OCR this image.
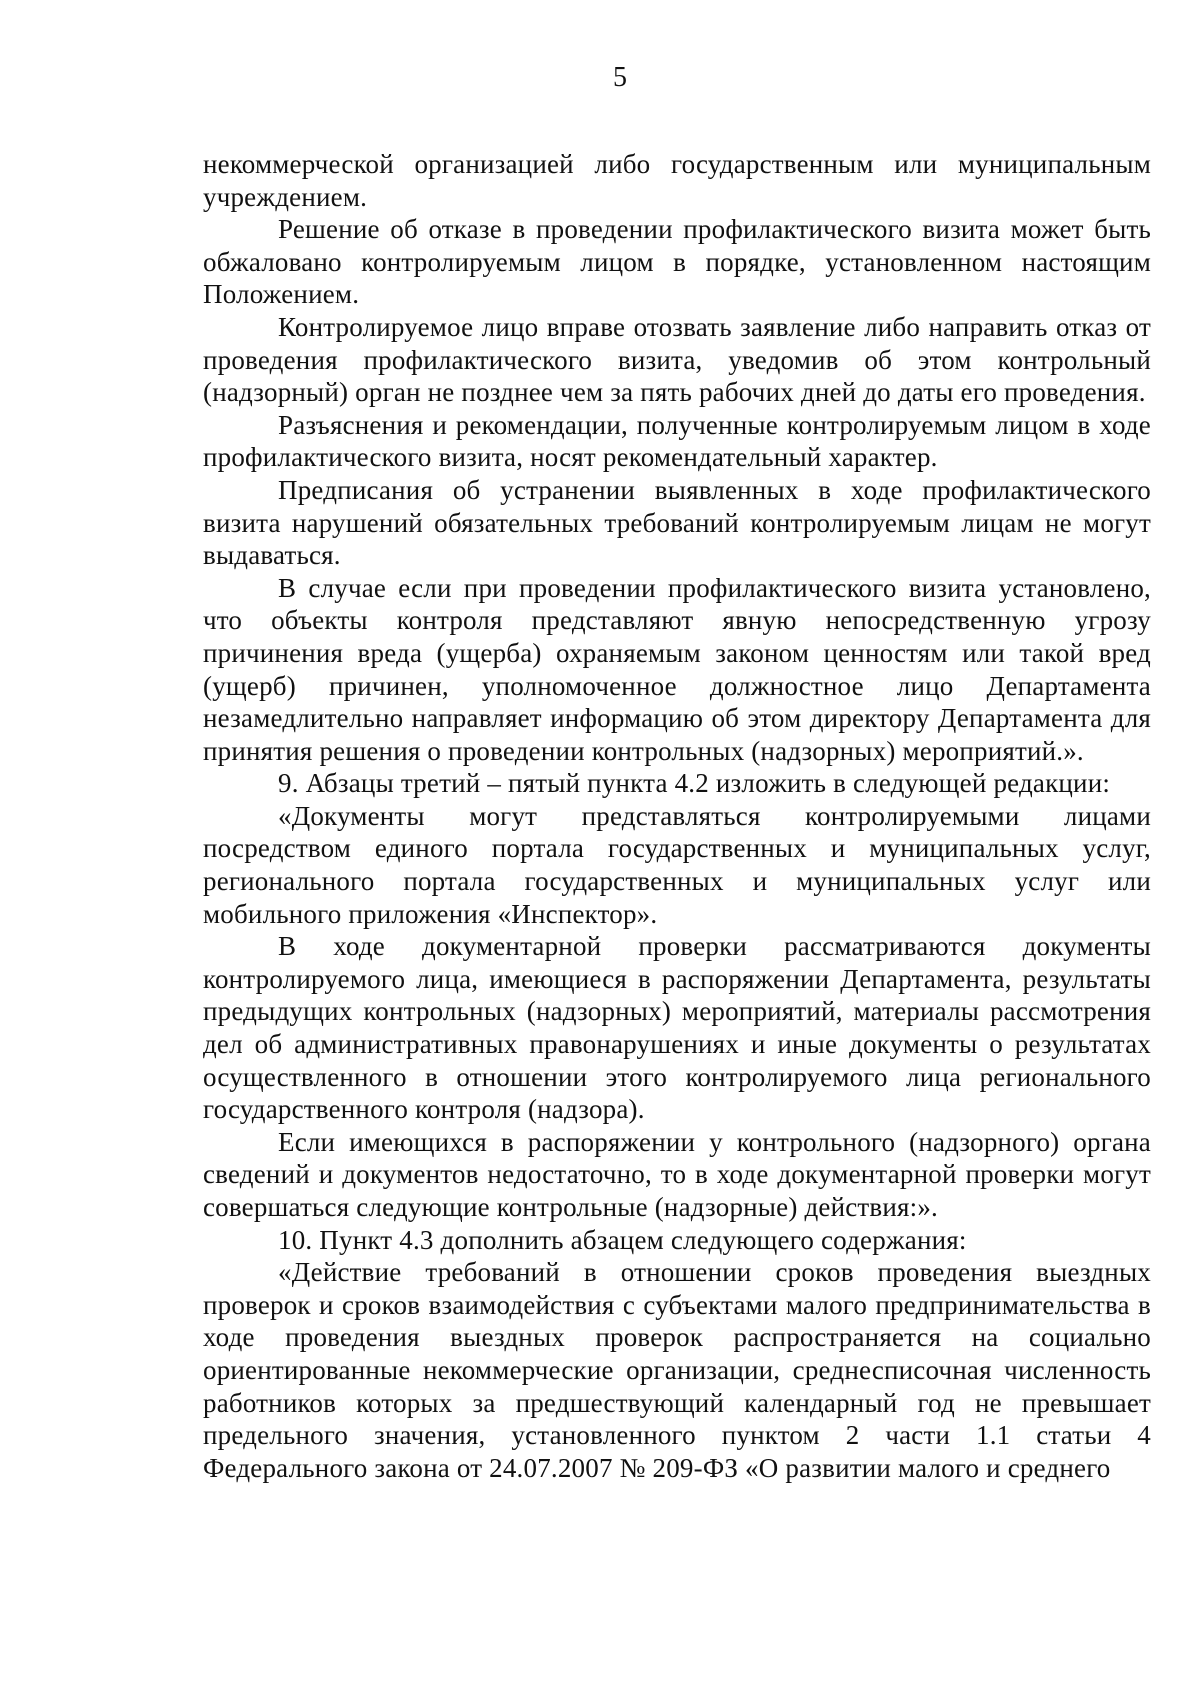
5

некоммерческой организацией либо государственным или муниципальным учреждением.

Решение об отказе в проведении профилактического визита может быть обжаловано контролируемым лицом в порядке, установленном настоящим Положением.

Контролируемое лицо вправе отозвать заявление либо направить отказ от проведения профилактического визита, уведомив об этом контрольный (надзорный) орган не позднее чем за пять рабочих дней до даты его проведения.

Разъяснения и рекомендации, полученные контролируемым лицом в ходе профилактического визита, носят рекомендательный характер.

Предписания об устранении выявленных в ходе профилактического визита нарушений обязательных требований контролируемым лицам не могут выдаваться.

В случае если при проведении профилактического визита установлено, что объекты контроля представляют явную непосредственную угрозу причинения вреда (ущерба) охраняемым законом ценностям или такой вред (ущерб) причинен, уполномоченное должностное лицо Департамента незамедлительно направляет информацию об этом директору Департамента для принятия решения о проведении контрольных (надзорных) мероприятий.».

9. Абзацы третий – пятый пункта 4.2 изложить в следующей редакции:

«Документы могут представляться контролируемыми лицами посредством единого портала государственных и муниципальных услуг, регионального портала государственных и муниципальных услуг или мобильного приложения «Инспектор».

В ходе документарной проверки рассматриваются документы контролируемого лица, имеющиеся в распоряжении Департамента, результаты предыдущих контрольных (надзорных) мероприятий, материалы рассмотрения дел об административных правонарушениях и иные документы о результатах осуществленного в отношении этого контролируемого лица регионального государственного контроля (надзора).

Если имеющихся в распоряжении у контрольного (надзорного) органа сведений и документов недостаточно, то в ходе документарной проверки могут совершаться следующие контрольные (надзорные) действия:».

10. Пункт 4.3 дополнить абзацем следующего содержания:

«Действие требований в отношении сроков проведения выездных проверок и сроков взаимодействия с субъектами малого предпринимательства в ходе проведения выездных проверок распространяется на социально ориентированные некоммерческие организации, среднесписочная численность работников которых за предшествующий календарный год не превышает предельного значения, установленного пунктом 2 части 1.1 статьи 4 Федерального закона от 24.07.2007 № 209-ФЗ «О развитии малого и среднего
